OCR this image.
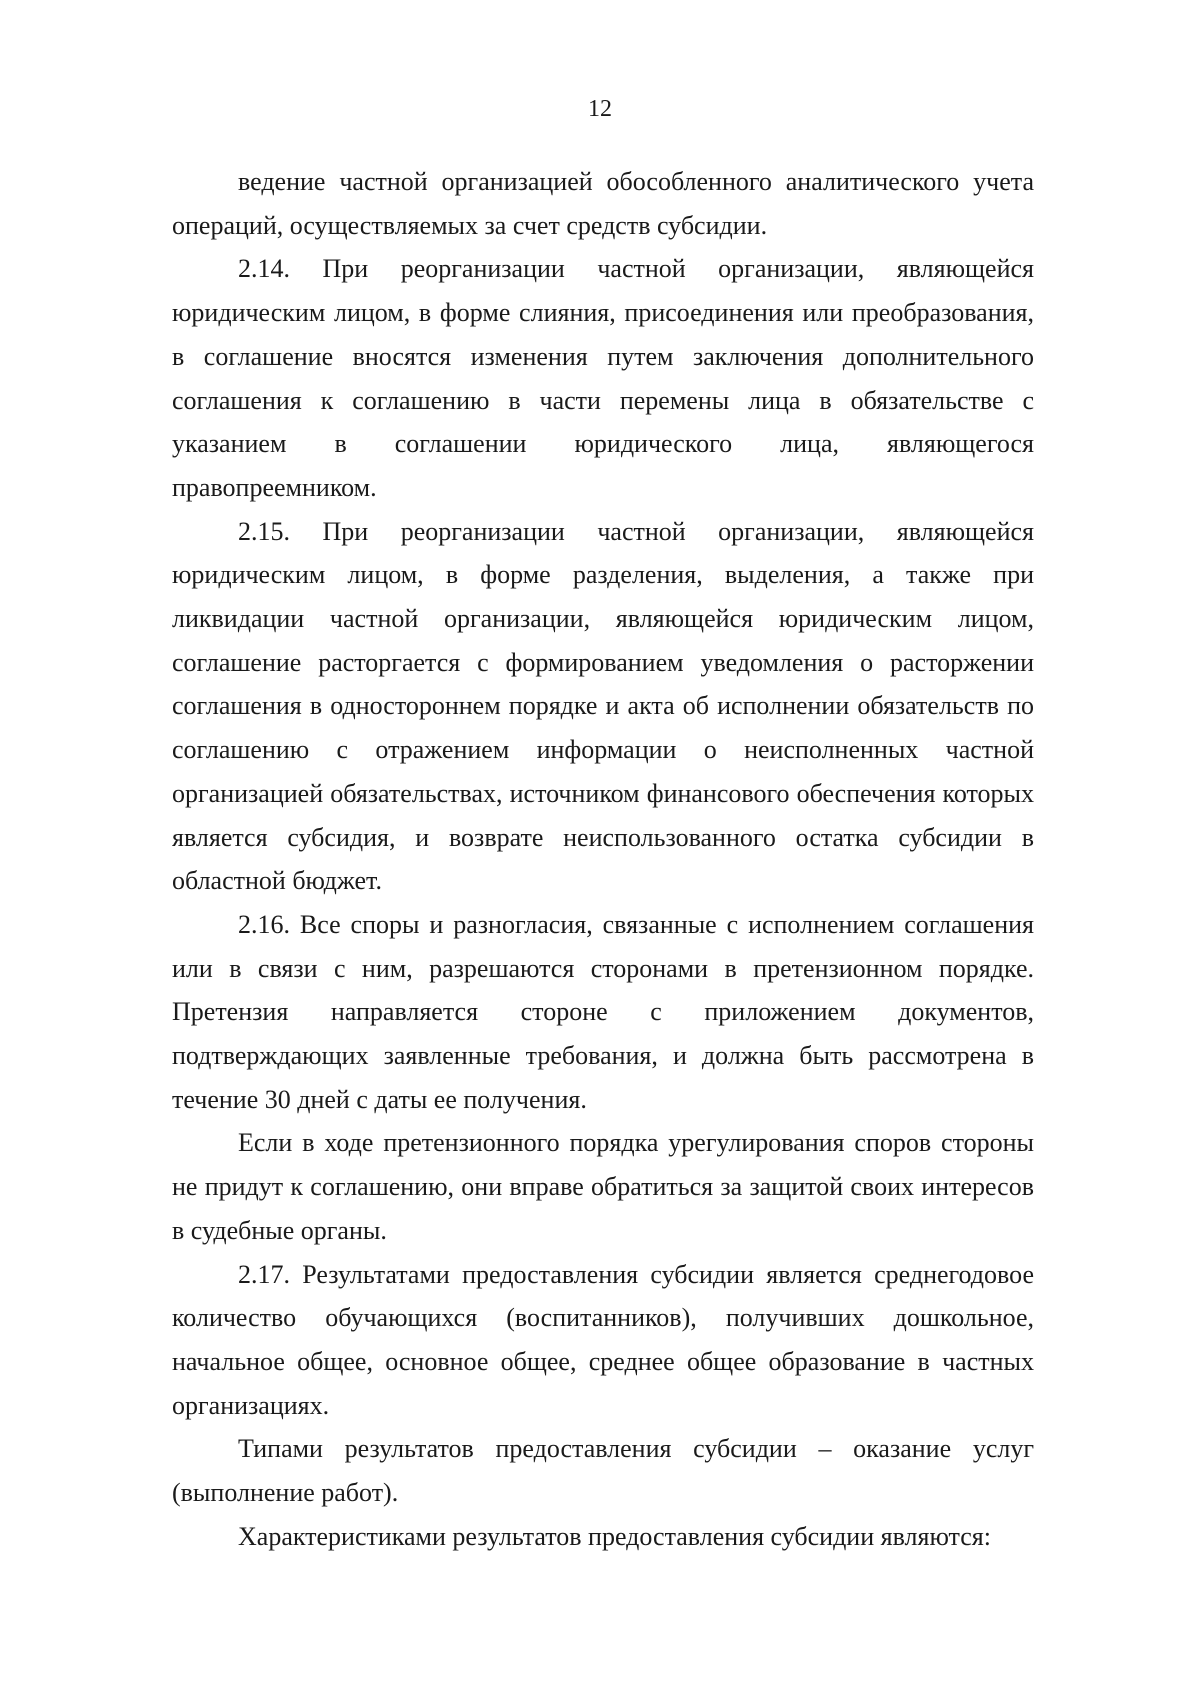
12

ведение частной организацией обособленного аналитического учета операций, осуществляемых за счет средств субсидии.

2.14. При реорганизации частной организации, являющейся юридическим лицом, в форме слияния, присоединения или преобразования, в соглашение вносятся изменения путем заключения дополнительного соглашения к соглашению в части перемены лица в обязательстве с указанием в соглашении юридического лица, являющегося правопреемником.

2.15. При реорганизации частной организации, являющейся юридическим лицом, в форме разделения, выделения, а также при ликвидации частной организации, являющейся юридическим лицом, соглашение расторгается с формированием уведомления о расторжении соглашения в одностороннем порядке и акта об исполнении обязательств по соглашению с отражением информации о неисполненных частной организацией обязательствах, источником финансового обеспечения которых является субсидия, и возврате неиспользованного остатка субсидии в областной бюджет.

2.16. Все споры и разногласия, связанные с исполнением соглашения или в связи с ним, разрешаются сторонами в претензионном порядке. Претензия направляется стороне с приложением документов, подтверждающих заявленные требования, и должна быть рассмотрена в течение 30 дней с даты ее получения.

Если в ходе претензионного порядка урегулирования споров стороны не придут к соглашению, они вправе обратиться за защитой своих интересов в судебные органы.

2.17. Результатами предоставления субсидии является среднегодовое количество обучающихся (воспитанников), получивших дошкольное, начальное общее, основное общее, среднее общее образование в частных организациях.

Типами результатов предоставления субсидии – оказание услуг (выполнение работ).

Характеристиками результатов предоставления субсидии являются:
